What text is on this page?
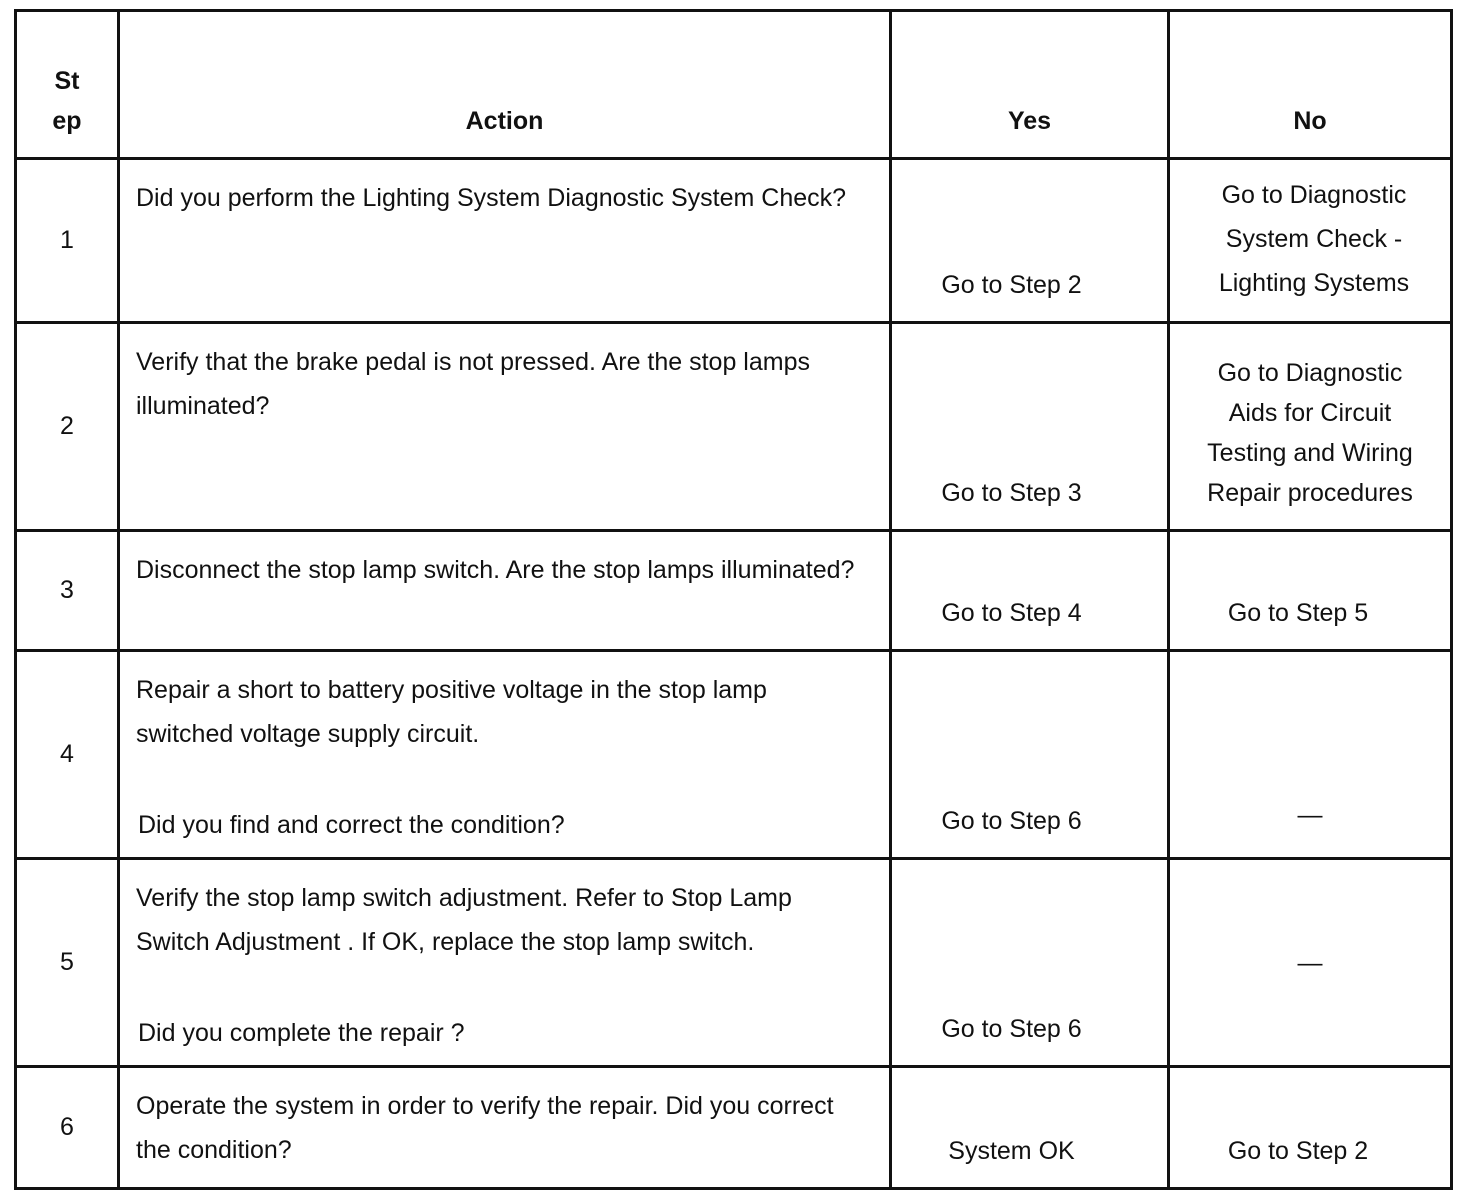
St
ep	Action	Yes	No
1	Did you perform the Lighting System Diagnostic System Check?	Go to Step 2	Go to Diagnostic
System Check -
Lighting Systems

2	Verify that the brake pedal is not pressed. Are the stop lamps illuminated?	Go to Step 3	Go to Diagnostic
Aids for Circuit
Testing and Wiring
Repair procedures

3	Disconnect the stop lamp switch. Are the stop lamps illuminated?	Go to Step 4	Go to Step 5

4	Repair a short to battery positive voltage in the stop lamp switched voltage supply circuit.
Did you find and correct the condition?	Go to Step 6	—

5	Verify the stop lamp switch adjustment. Refer to Stop Lamp Switch Adjustment . If OK, replace the stop lamp switch.
Did you complete the repair ?	Go to Step 6	—

6	Operate the system in order to verify the repair. Did you correct the condition?	System OK	Go to Step 2
